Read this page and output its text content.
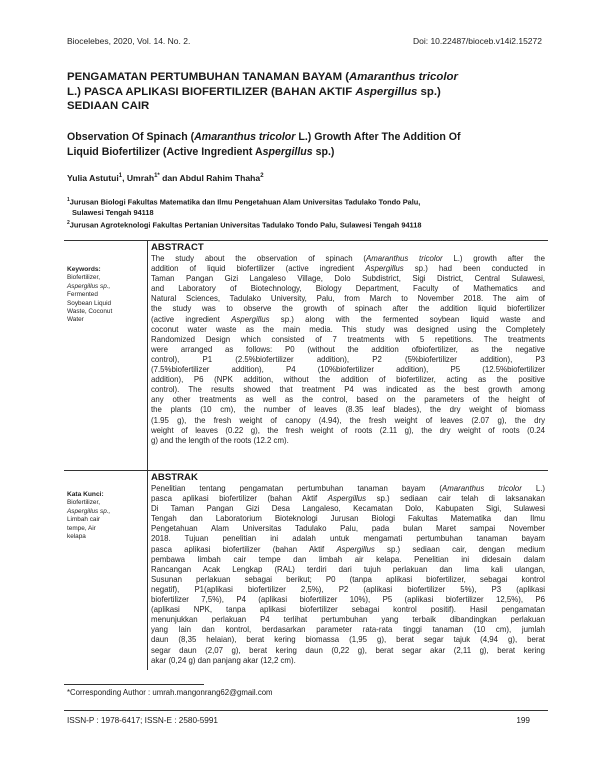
Biocelebes, 2020, Vol. 14. No. 2.	Doi: 10.22487/bioceb.v14i2.15272
PENGAMATAN PERTUMBUHAN TANAMAN BAYAM (Amaranthus tricolor
L.) PASCA APLIKASI BIOFERTILIZER (BAHAN AKTIF Aspergillus sp.)
SEDIAAN CAIR
Observation Of Spinach (Amaranthus tricolor L.) Growth After The Addition Of
Liquid Biofertilizer (Active Ingredient Aspergillus sp.)
Yulia Astutui$^1$, Umrah$^{1*}$ dan Abdul Rahim Thaha$^2$
$^1$Jurusan Biologi Fakultas Matematika dan Ilmu Pengetahuan Alam Universitas Tadulako Tondo Palu,
Sulawesi Tengah 94118
$^2$Jurusan Agroteknologi Fakultas Pertanian Universitas Tadulako Tondo Palu, Sulawesi Tengah 94118
Keywords:
Biofertilizer,
Aspergillus sp.,
Fermented
Soybean Liquid
Waste, Coconut
Water
ABSTRACT
The study about the observation of spinach (Amaranthus tricolor L.) growth after the
addition of liquid biofertilizer (active ingredient Aspergillus sp.) had been conducted in
Taman Pangan Gizi Langaleso Village, Dolo Subdistrict, Sigi District, Central Sulawesi,
and Laboratory of Biotechnology, Biology Department, Faculty of Mathematics and
Natural Sciences, Tadulako University, Palu, from March to November 2018. The aim of
the study was to observe the growth of spinach after the addition liquid biofertilizer
(active ingredient Aspergillus sp.) along with the fermented soybean liquid waste and
coconut water waste as the main media. This study was designed using the Completely
Randomized Design which consisted of 7 treatments with 5 repetitions. The treatments
were arranged as follows: P0 (without the addition ofbiofertilizer, as the negative
control), P1 (2.5%biofertilizer addition), P2 (5%biofertilizer addition), P3
(7.5%biofertilizer addition), P4 (10%biofertilizer addition), P5 (12.5%biofertilizer
addition), P6 (NPK addition, without the addition of biofertilizer, acting as the positive
control). The results showed that treatment P4 was indicated as the best growth among
any other treatments as well as the control, based on the parameters of the height of
the plants (10 cm), the number of leaves (8.35 leaf blades), the dry weight of biomass
(1.95 g), the fresh weight of canopy (4.94), the fresh weight of leaves (2.07 g), the dry
weight of leaves (0.22 g), the fresh weight of roots (2.11 g), the dry weight of roots (0.24
g) and the length of the roots (12.2 cm).
Kata Kunci:
Biofertilizer,
Aspergillus sp.,
Limbah cair
tempe, Air
kelapa
ABSTRAK
Penelitian tentang pengamatan pertumbuhan tanaman bayam (Amaranthus tricolor L.)
pasca aplikasi biofertilizer (bahan Aktif Aspergillus sp.) sediaan cair telah di laksanakan
Di Taman Pangan Gizi Desa Langaleso, Kecamatan Dolo, Kabupaten Sigi, Sulawesi
Tengah dan Laboratorium Bioteknologi Jurusan Biologi Fakultas Matematika dan Ilmu
Pengetahuan Alam Universitas Tadulako Palu, pada bulan Maret sampai November
2018. Tujuan penelitian ini adalah untuk mengamati pertumbuhan tanaman bayam
pasca aplikasi biofertilizer (bahan Aktif Aspergillus sp.) sediaan cair, dengan medium
pembawa limbah cair tempe dan limbah air kelapa. Penelitian ini didesain dalam
Rancangan Acak Lengkap (RAL) terdiri dari tujuh perlakuan dan lima kali ulangan,
Susunan perlakuan sebagai berikut; P0 (tanpa aplikasi biofertilizer, sebagai kontrol
negatif), P1(aplikasi biofertilizer 2,5%), P2 (aplikasi biofertilizer 5%), P3 (aplikasi
biofertilizer 7,5%), P4 (aplikasi biofertilizer 10%), P5 (aplikasi biofertilizer 12,5%), P6
(aplikasi NPK, tanpa aplikasi biofertilizer sebagai kontrol positif). Hasil pengamatan
menunjukkan perlakuan P4 terlihat pertumbuhan yang terbaik dibandingkan perlakuan
yang lain dan kontrol, berdasarkan parameter rata-rata tinggi tanaman (10 cm), jumlah
daun (8,35 helaian), berat kering biomassa (1,95 g), berat segar tajuk (4,94 g), berat
segar daun (2,07 g), berat kering daun (0,22 g), berat segar akar (2,11 g), berat kering
akar (0,24 g) dan panjang akar (12,2 cm).
*Corresponding Author : umrah.mangonrang62@gmail.com
ISSN-P : 1978-6417; ISSN-E : 2580-5991	199
